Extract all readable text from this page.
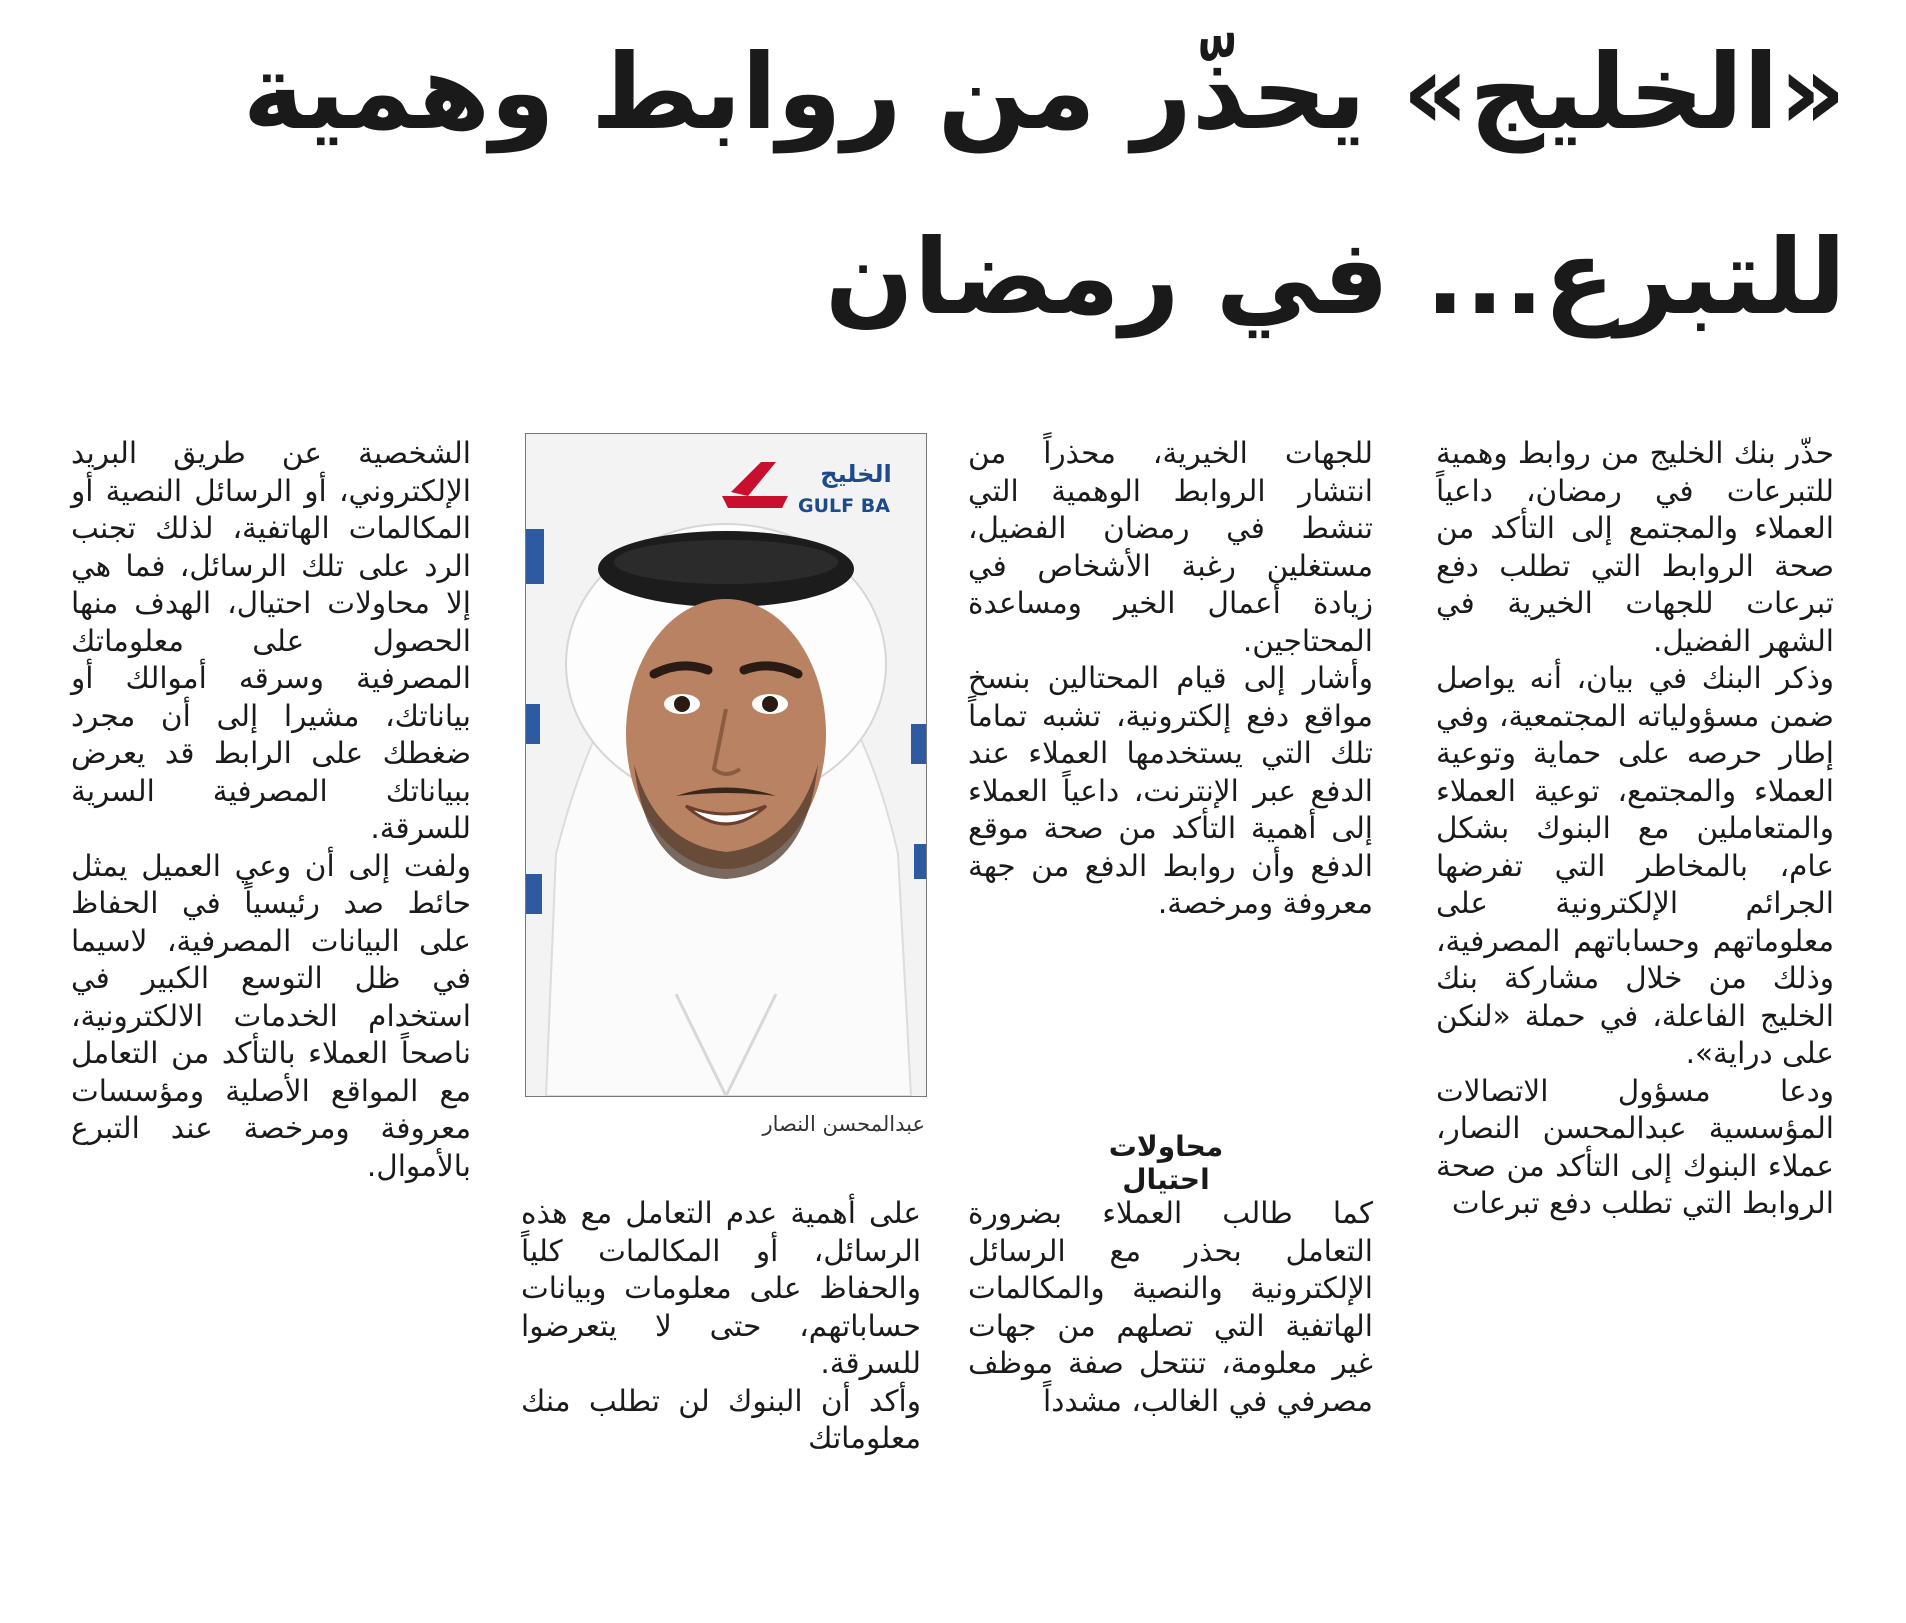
«الخليج» يحذّر من روابط وهمية
للتبرع... في رمضان

حذّر بنك الخليج من روابط وهمية للتبرعات في رمضان، داعياً العملاء والمجتمع إلى التأكد من صحة الروابط التي تطلب دفع تبرعات للجهات الخيرية في الشهر الفضيل.

وذكر البنك في بيان، أنه يواصل ضمن مسؤولياته المجتمعية، وفي إطار حرصه على حماية وتوعية العملاء والمجتمع، توعية العملاء والمتعاملين مع البنوك بشكل عام، بالمخاطر التي تفرضها الجرائم الإلكترونية على معلوماتهم وحساباتهم المصرفية، وذلك من خلال مشاركة بنك الخليج الفاعلة، في حملة «لنكن على دراية».

ودعا مسؤول الاتصالات المؤسسية عبدالمحسن النصار، عملاء البنوك إلى التأكد من صحة الروابط التي تطلب دفع تبرعات

للجهات الخيرية، محذراً من انتشار الروابط الوهمية التي تنشط في رمضان الفضيل، مستغلين رغبة الأشخاص في زيادة أعمال الخير ومساعدة المحتاجين.

وأشار إلى قيام المحتالين بنسخ مواقع دفع إلكترونية، تشبه تماماً تلك التي يستخدمها العملاء عند الدفع عبر الإنترنت، داعياً العملاء إلى أهمية التأكد من صحة موقع الدفع وأن روابط الدفع من جهة معروفة ومرخصة.

محاولات احتيال

كما طالب العملاء بضرورة التعامل بحذر مع الرسائل الإلكترونية والنصية والمكالمات الهاتفية التي تصلهم من جهات غير معلومة، تنتحل صفة موظف مصرفي في الغالب، مشدداً

على أهمية عدم التعامل مع هذه الرسائل، أو المكالمات كلياً والحفاظ على معلومات وبيانات حساباتهم، حتى لا يتعرضوا للسرقة.

وأكد أن البنوك لن تطلب منك معلوماتك

الشخصية عن طريق البريد الإلكتروني، أو الرسائل النصية أو المكالمات الهاتفية، لذلك تجنب الرد على تلك الرسائل، فما هي إلا محاولات احتيال، الهدف منها الحصول على معلوماتك المصرفية وسرقه أموالك أو بياناتك، مشيرا إلى أن مجرد ضغطك على الرابط قد يعرض ببياناتك المصرفية السرية للسرقة.

ولفت إلى أن وعي العميل يمثل حائط صد رئيسياً في الحفاظ على البيانات المصرفية، لاسيما في ظل التوسع الكبير في استخدام الخدمات الالكترونية، ناصحاً العملاء بالتأكد من التعامل مع المواقع الأصلية ومؤسسات معروفة ومرخصة عند التبرع بالأموال.

الخليج
GULF BA
عبدالمحسن النصار
